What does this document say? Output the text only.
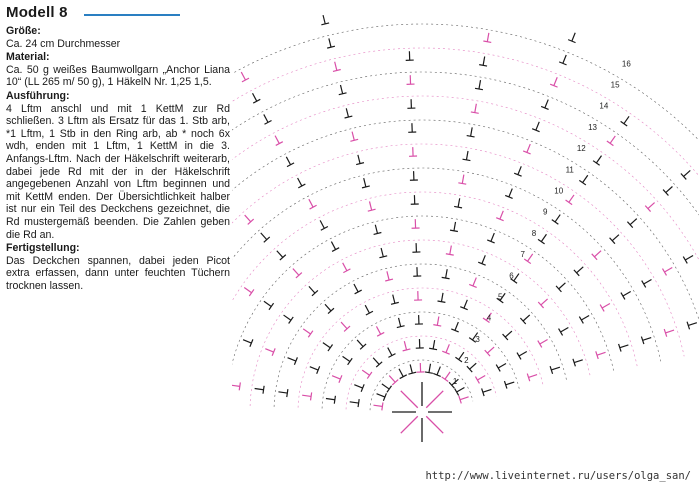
Modell 8
Größe:
Ca. 24 cm Durchmesser
Material:
Ca. 50 g weißes Baumwollgarn „Anchor Liana 10“ (LL 265 m/ 50 g), 1 HäkelN Nr. 1,25 1,5.
Ausführung:
4 Lftm anschl und mit 1 KettM zur Rd schließen. 3 Lftm als Ersatz für das 1. Stb arb, *1 Lftm, 1 Stb in den Ring arb, ab * noch 6x wdh, enden mit 1 Lftm, 1 KettM in die 3. Anfangs-Lftm. Nach der Häkelschrift weiterarb, dabei jede Rd mit der in der Häkelschrift angegebenen Anzahl von Lftm beginnen und mit KettM enden. Der Übersichtlichkeit halber ist nur ein Teil des Deckchens gezeichnet, die Rd mustergemäß beenden. Die Zahlen geben die Rd an.
Fertigstellung:
Das Deckchen spannen, dabei jeden Picot extra erfassen, dann unter feuchten Tüchern trocknen lassen.
1
2
3
4
5
6
7
8
9
10
11
12
13
14
15
16
http://www.liveinternet.ru/users/olga_san/
